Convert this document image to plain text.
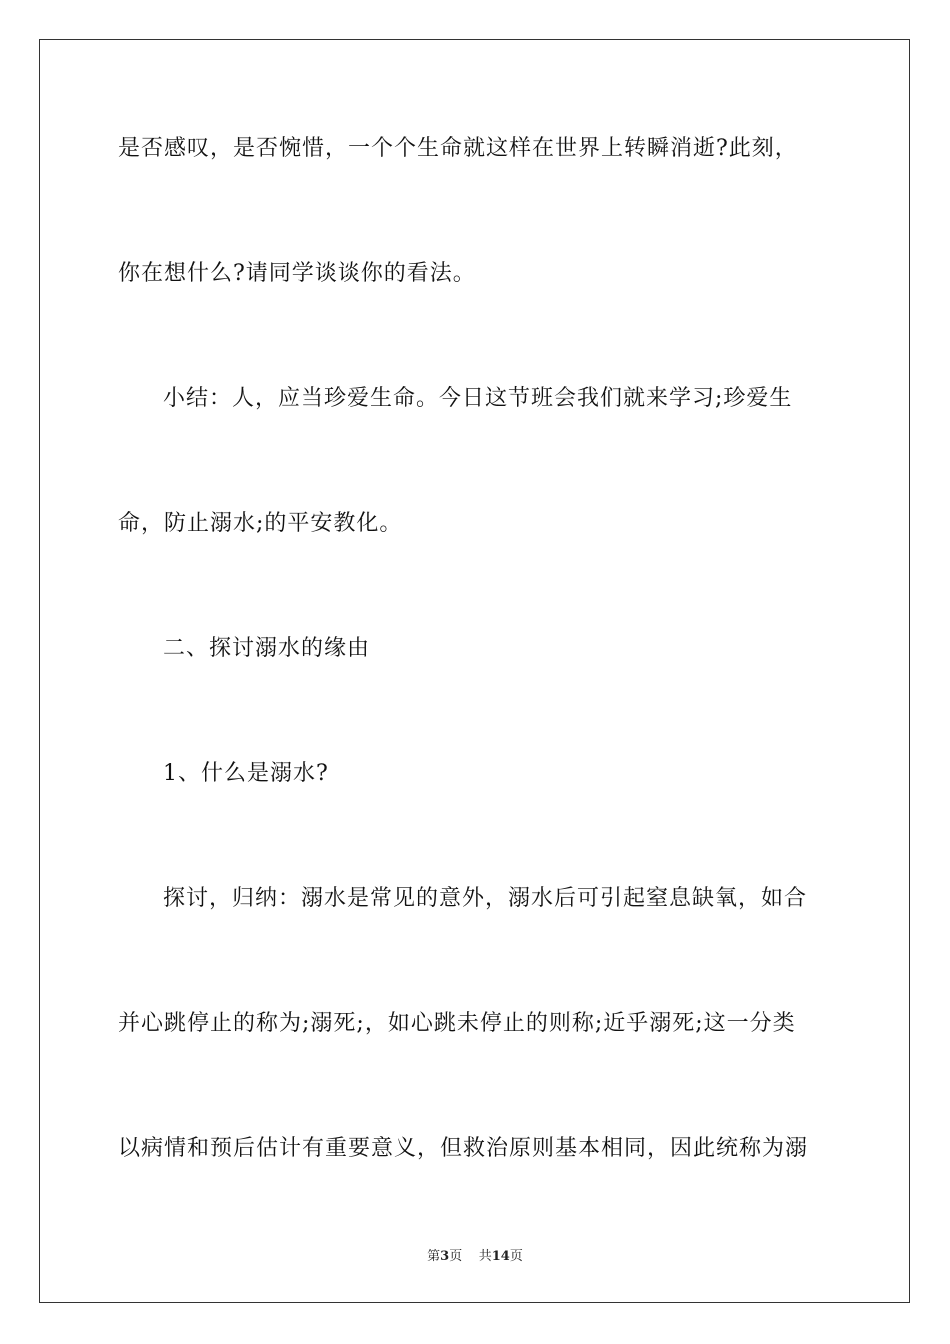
是否感叹，是否惋惜，一个个生命就这样在世界上转瞬消逝?此刻，
你在想什么?请同学谈谈你的看法。
小结：人，应当珍爱生命。今日这节班会我们就来学习;珍爱生
命，防止溺水;的平安教化。
二、探讨溺水的缘由
1、什么是溺水?
探讨，归纳：溺水是常见的意外，溺水后可引起窒息缺氧，如合
并心跳停止的称为;溺死;，如心跳未停止的则称;近乎溺死;这一分类
以病情和预后估计有重要意义，但救治原则基本相同，因此统称为溺
第3页 共14页
